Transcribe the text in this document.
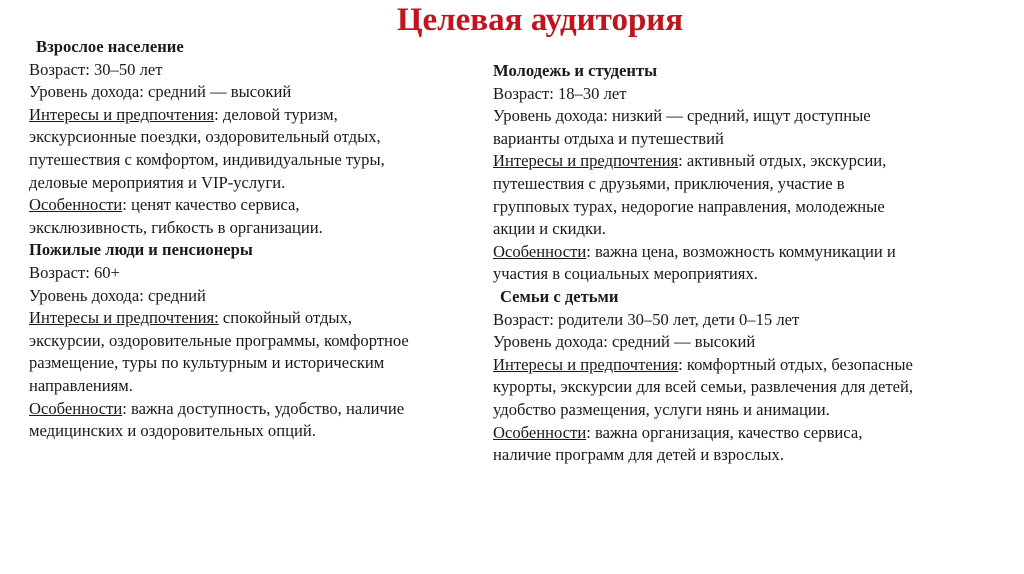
Целевая аудитория
Взрослое население
Возраст: 30–50 лет
Уровень дохода: средний — высокий
Интересы и предпочтения: деловой туризм,
экскурсионные поездки, оздоровительный отдых,
путешествия с комфортом, индивидуальные туры,
деловые мероприятия и VIP-услуги.
Особенности: ценят качество сервиса,
эксклюзивность, гибкость в организации.
Пожилые люди и пенсионеры
Возраст: 60+
Уровень дохода: средний
Интересы и предпочтения: спокойный отдых,
экскурсии, оздоровительные программы, комфортное
размещение, туры по культурным и историческим
направлениям.
Особенности: важна доступность, удобство, наличие
медицинских и оздоровительных опций.
Молодежь и студенты
Возраст: 18–30 лет
Уровень дохода: низкий — средний, ищут доступные
варианты отдыха и путешествий
Интересы и предпочтения: активный отдых, экскурсии,
путешествия с друзьями, приключения, участие в
групповых турах, недорогие направления, молодежные
акции и скидки.
Особенности: важна цена, возможность коммуникации и
участия в социальных мероприятиях.
Семьи с детьми
Возраст: родители 30–50 лет, дети 0–15 лет
Уровень дохода: средний — высокий
Интересы и предпочтения: комфортный отдых, безопасные
курорты, экскурсии для всей семьи, развлечения для детей,
удобство размещения, услуги нянь и анимации.
Особенности: важна организация, качество сервиса,
наличие программ для детей и взрослых.
